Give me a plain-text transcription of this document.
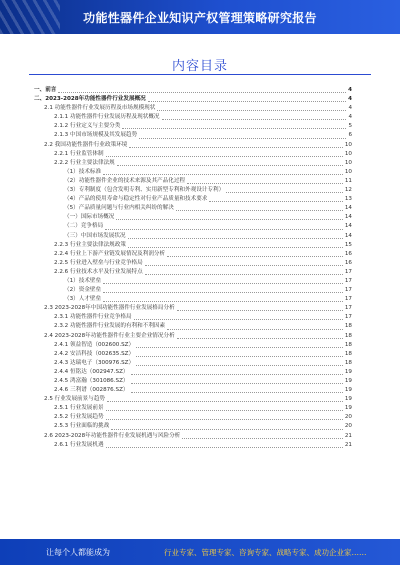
功能性器件企业知识产权管理策略研究报告
内容目录
一、前言	4
二、2023-2028年功能性器件行业发展概况	4
2.1 功能性器件行业发展历程及市场规模现状	4
2.1.1 功能性器件行业发展历程及现状概况	4
2.1.2 行业定义与主要分类	5
2.1.3 中国市场规模及其发展趋势	6
2.2 我国功能性器件行业政策环境	10
2.2.1 行业监管体制	10
2.2.2 行业主要法律法规	10
（1）技术标准	10
（2）功能性器件企业的技术来源及其产品化过程	11
（3）专利制度（包含发明专利、实用新型专利和外观设计专利）	12
（4）产品的使用寿命与稳定性对行业产品质量和技术要求	13
（5）产品质量问题与行业内相关纠纷的解决	14
（一）国际市场概况	14
（二）竞争格局	14
（三）中国市场发展状况	14
2.2.3 行业主要法律法规政策	15
2.2.4 行业上下游产业链发展情况及利润分析	16
2.2.5 行业进入壁垒与行业竞争格局	16
2.2.6 行业技术水平及行业发展特点	17
（1）技术壁垒	17
（2）资金壁垒	17
（3）人才壁垒	17
2.3 2023-2028年中国功能性器件行业发展格局分析	17
2.3.1 功能性器件行业竞争格局	17
2.3.2 功能性器件行业发展的有利和不利因素	18
2.4 2023-2028年功能性器件行业主要企业情况分析	18
2.4.1 领益智造（002600.SZ）	18
2.4.2 安洁科技（002635.SZ）	18
2.4.3 达瑞电子（300976.SZ）	18
2.4.4 恒铭达（002947.SZ）	19
2.4.5 鸿富瀚（301086.SZ）	19
2.4.6 三利谱（002876.SZ）	19
2.5 行业发展前景与趋势	19
2.5.1 行业发展前景	19
2.5.2 行业发展趋势	20
2.5.3 行业面临的挑战	20
2.6 2023-2028年功能性器件行业发展机遇与风险分析	21
2.6.1 行业发展机遇	21
让每个人都能成为	行业专家、管理专家、咨询专家、战略专家、成功企业家……
